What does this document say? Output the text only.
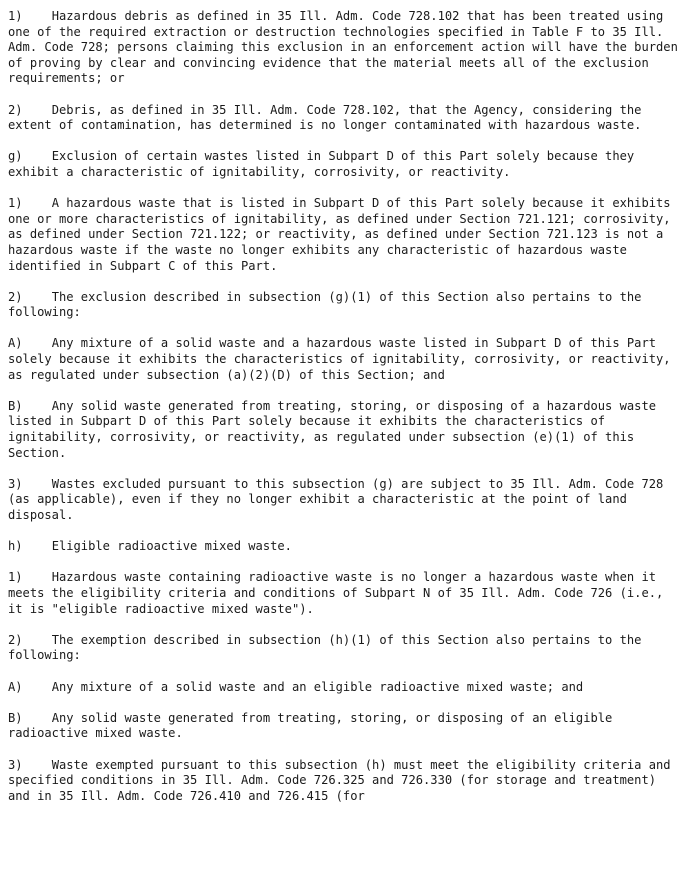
1) Hazardous debris as defined in 35 Ill. Adm. Code 728.102 that has been treated using one of the required extraction or destruction technologies specified in Table F to 35 Ill. Adm. Code 728; persons claiming this exclusion in an enforcement action will have the burden of proving by clear and convincing evidence that the material meets all of the exclusion requirements; or

2) Debris, as defined in 35 Ill. Adm. Code 728.102, that the Agency, considering the extent of contamination, has determined is no longer contaminated with hazardous waste.

g) Exclusion of certain wastes listed in Subpart D of this Part solely because they exhibit a characteristic of ignitability, corrosivity, or reactivity.

1) A hazardous waste that is listed in Subpart D of this Part solely because it exhibits one or more characteristics of ignitability, as defined under Section 721.121; corrosivity, as defined under Section 721.122; or reactivity, as defined under Section 721.123 is not a hazardous waste if the waste no longer exhibits any characteristic of hazardous waste identified in Subpart C of this Part.

2) The exclusion described in subsection (g)(1) of this Section also pertains to the following:

A) Any mixture of a solid waste and a hazardous waste listed in Subpart D of this Part solely because it exhibits the characteristics of ignitability, corrosivity, or reactivity, as regulated under subsection (a)(2)(D) of this Section; and

B) Any solid waste generated from treating, storing, or disposing of a hazardous waste listed in Subpart D of this Part solely because it exhibits the characteristics of ignitability, corrosivity, or reactivity, as regulated under subsection (e)(1) of this Section.

3) Wastes excluded pursuant to this subsection (g) are subject to 35 Ill. Adm. Code 728 (as applicable), even if they no longer exhibit a characteristic at the point of land disposal.

h) Eligible radioactive mixed waste.

1) Hazardous waste containing radioactive waste is no longer a hazardous waste when it meets the eligibility criteria and conditions of Subpart N of 35 Ill. Adm. Code 726 (i.e., it is "eligible radioactive mixed waste").

2) The exemption described in subsection (h)(1) of this Section also pertains to the following:

A) Any mixture of a solid waste and an eligible radioactive mixed waste; and

B) Any solid waste generated from treating, storing, or disposing of an eligible radioactive mixed waste.

3) Waste exempted pursuant to this subsection (h) must meet the eligibility criteria and specified conditions in 35 Ill. Adm. Code 726.325 and 726.330 (for storage and treatment) and in 35 Ill. Adm. Code 726.410 and 726.415 (for
